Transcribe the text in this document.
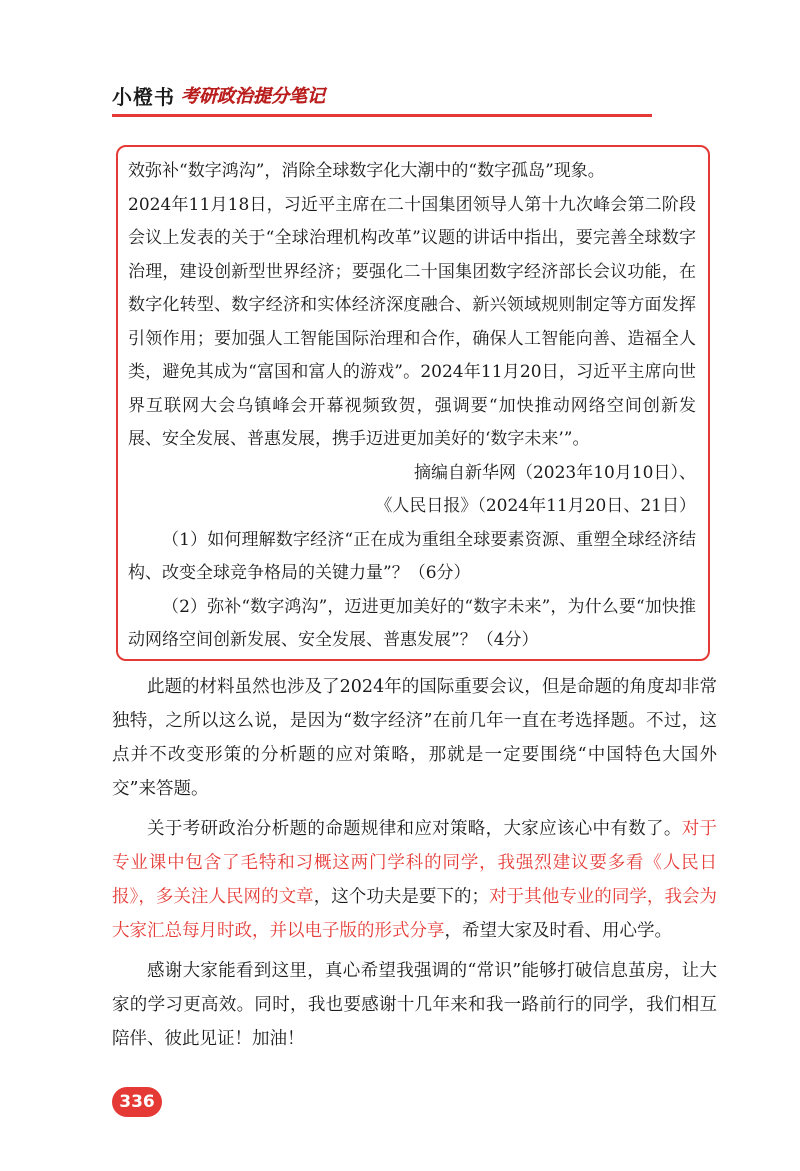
小橙书 考研政治提分笔记

效弥补“数字鸿沟”，消除全球数字化大潮中的“数字孤岛”现象。

2024年11月18日，习近平主席在二十国集团领导人第十九次峰会第二阶段会议上发表的关于“全球治理机构改革”议题的讲话中指出，要完善全球数字治理，建设创新型世界经济；要强化二十国集团数字经济部长会议功能，在数字化转型、数字经济和实体经济深度融合、新兴领域规则制定等方面发挥引领作用；要加强人工智能国际治理和合作，确保人工智能向善、造福全人类，避免其成为“富国和富人的游戏”。2024年11月20日，习近平主席向世界互联网大会乌镇峰会开幕视频致贺，强调要“加快推动网络空间创新发展、安全发展、普惠发展，携手迈进更加美好的‘数字未来’”。

摘编自新华网（2023年10月10日）、

《人民日报》（2024年11月20日、21日）

（1）如何理解数字经济“正在成为重组全球要素资源、重塑全球经济结构、改变全球竞争格局的关键力量”？（6分）

（2）弥补“数字鸿沟”，迈进更加美好的“数字未来”，为什么要“加快推动网络空间创新发展、安全发展、普惠发展”？（4分）

此题的材料虽然也涉及了2024年的国际重要会议，但是命题的角度却非常独特，之所以这么说，是因为“数字经济”在前几年一直在考选择题。不过，这点并不改变形策的分析题的应对策略，那就是一定要围绕“中国特色大国外交”来答题。

关于考研政治分析题的命题规律和应对策略，大家应该心中有数了。对于专业课中包含了毛特和习概这两门学科的同学，我强烈建议要多看《人民日报》，多关注人民网的文章，这个功夫是要下的；对于其他专业的同学，我会为大家汇总每月时政，并以电子版的形式分享，希望大家及时看、用心学。

感谢大家能看到这里，真心希望我强调的“常识”能够打破信息茧房，让大家的学习更高效。同时，我也要感谢十几年来和我一路前行的同学，我们相互陪伴、彼此见证！加油！

336
